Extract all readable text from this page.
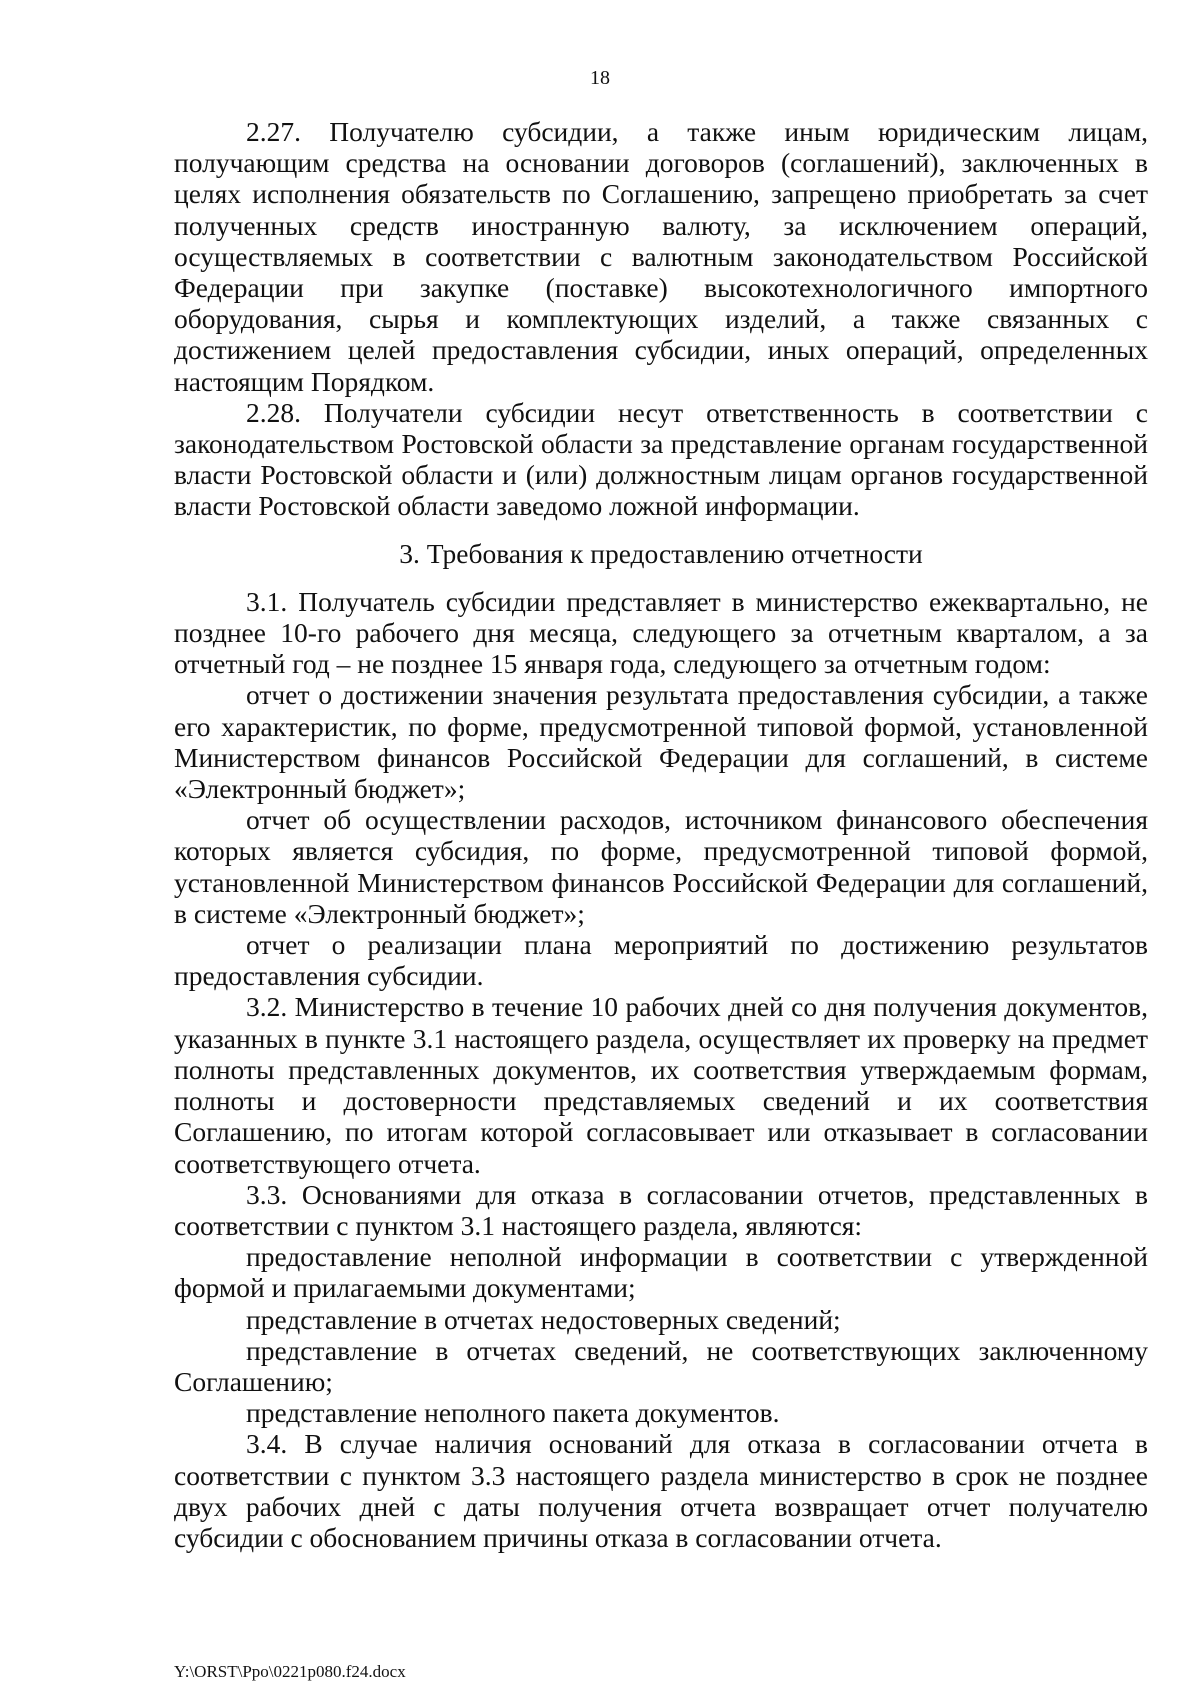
18

2.27. Получателю субсидии, а также иным юридическим лицам, получающим средства на основании договоров (соглашений), заключенных в целях исполнения обязательств по Соглашению, запрещено приобретать за счет полученных средств иностранную валюту, за исключением операций, осуществляемых в соответствии с валютным законодательством Российской Федерации при закупке (поставке) высокотехнологичного импортного оборудования, сырья и комплектующих изделий, а также связанных с достижением целей предоставления субсидии, иных операций, определенных настоящим Порядком.

2.28. Получатели субсидии несут ответственность в соответствии с законодательством Ростовской области за представление органам государственной власти Ростовской области и (или) должностным лицам органов государственной власти Ростовской области заведомо ложной информации.

3. Требования к предоставлению отчетности

3.1. Получатель субсидии представляет в министерство ежеквартально, не позднее 10-го рабочего дня месяца, следующего за отчетным кварталом, а за отчетный год – не позднее 15 января года, следующего за отчетным годом:

отчет о достижении значения результата предоставления субсидии, а также его характеристик, по форме, предусмотренной типовой формой, установленной Министерством финансов Российской Федерации для соглашений, в системе «Электронный бюджет»;

отчет об осуществлении расходов, источником финансового обеспечения которых является субсидия, по форме, предусмотренной типовой формой, установленной Министерством финансов Российской Федерации для соглашений, в системе «Электронный бюджет»;

отчет о реализации плана мероприятий по достижению результатов предоставления субсидии.

3.2. Министерство в течение 10 рабочих дней со дня получения документов, указанных в пункте 3.1 настоящего раздела, осуществляет их проверку на предмет полноты представленных документов, их соответствия утверждаемым формам, полноты и достоверности представляемых сведений и их соответствия Соглашению, по итогам которой согласовывает или отказывает в согласовании соответствующего отчета.

3.3. Основаниями для отказа в согласовании отчетов, представленных в соответствии с пунктом 3.1 настоящего раздела, являются:

предоставление неполной информации в соответствии с утвержденной формой и прилагаемыми документами;

представление в отчетах недостоверных сведений;

представление в отчетах сведений, не соответствующих заключенному Соглашению;

представление неполного пакета документов.

3.4. В случае наличия оснований для отказа в согласовании отчета в соответствии с пунктом 3.3 настоящего раздела министерство в срок не позднее двух рабочих дней с даты получения отчета возвращает отчет получателю субсидии с обоснованием причины отказа в согласовании отчета.

Y:\ORST\Ppo\0221p080.f24.docx
